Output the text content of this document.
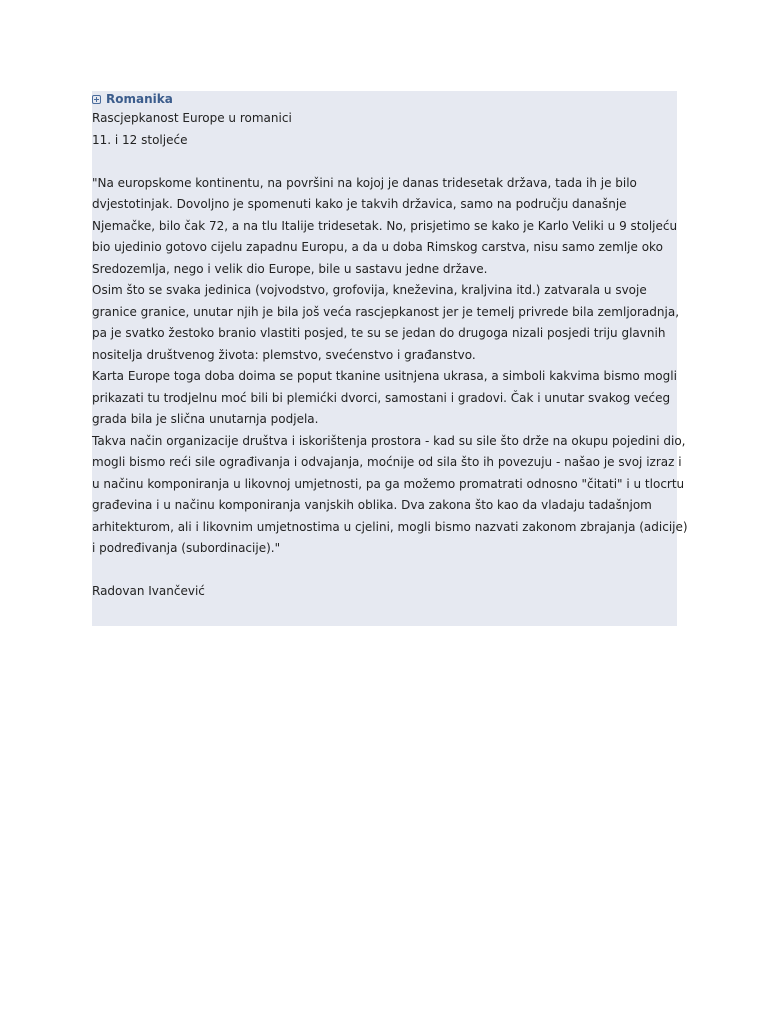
Romanika
Rascjepkanost Europe u romanici
11. i 12 stoljeće
"Na europskome kontinentu, na površini na kojoj je danas tridesetak država, tada ih je bilo
dvjestotinjak. Dovoljno je spomenuti kako je takvih državica, samo na području današnje
Njemačke, bilo čak 72, a na tlu Italije tridesetak. No, prisjetimo se kako je Karlo Veliki u 9 stoljeću
bio ujedinio gotovo cijelu zapadnu Europu, a da u doba Rimskog carstva, nisu samo zemlje oko
Sredozemlja, nego i velik dio Europe, bile u sastavu jedne države.
Osim što se svaka jedinica (vojvodstvo, grofovija, kneževina, kraljvina itd.) zatvarala u svoje
granice granice, unutar njih je bila još veća rascjepkanost jer je temelj privrede bila zemljoradnja,
pa je svatko žestoko branio vlastiti posjed, te su se jedan do drugoga nizali posjedi triju glavnih
nositelja društvenog života: plemstvo, svećenstvo i građanstvo.
Karta Europe toga doba doima se poput tkanine usitnjena ukrasa, a simboli kakvima bismo mogli
prikazati tu trodjelnu moć bili bi plemićki dvorci, samostani i gradovi. Čak i unutar svakog većeg
grada bila je slična unutarnja podjela.
Takva način organizacije društva i iskorištenja prostora - kad su sile što drže na okupu pojedini dio,
mogli bismo reći sile ograđivanja i odvajanja, moćnije od sila što ih povezuju - našao je svoj izraz i
u načinu komponiranja u likovnoj umjetnosti, pa ga možemo promatrati odnosno "čitati" i u tlocrtu
građevina i u načinu komponiranja vanjskih oblika. Dva zakona što kao da vladaju tadašnjom
arhitekturom, ali i likovnim umjetnostima u cjelini, mogli bismo nazvati zakonom zbrajanja (adicije)
i podređivanja (subordinacije)."
Radovan Ivančević
